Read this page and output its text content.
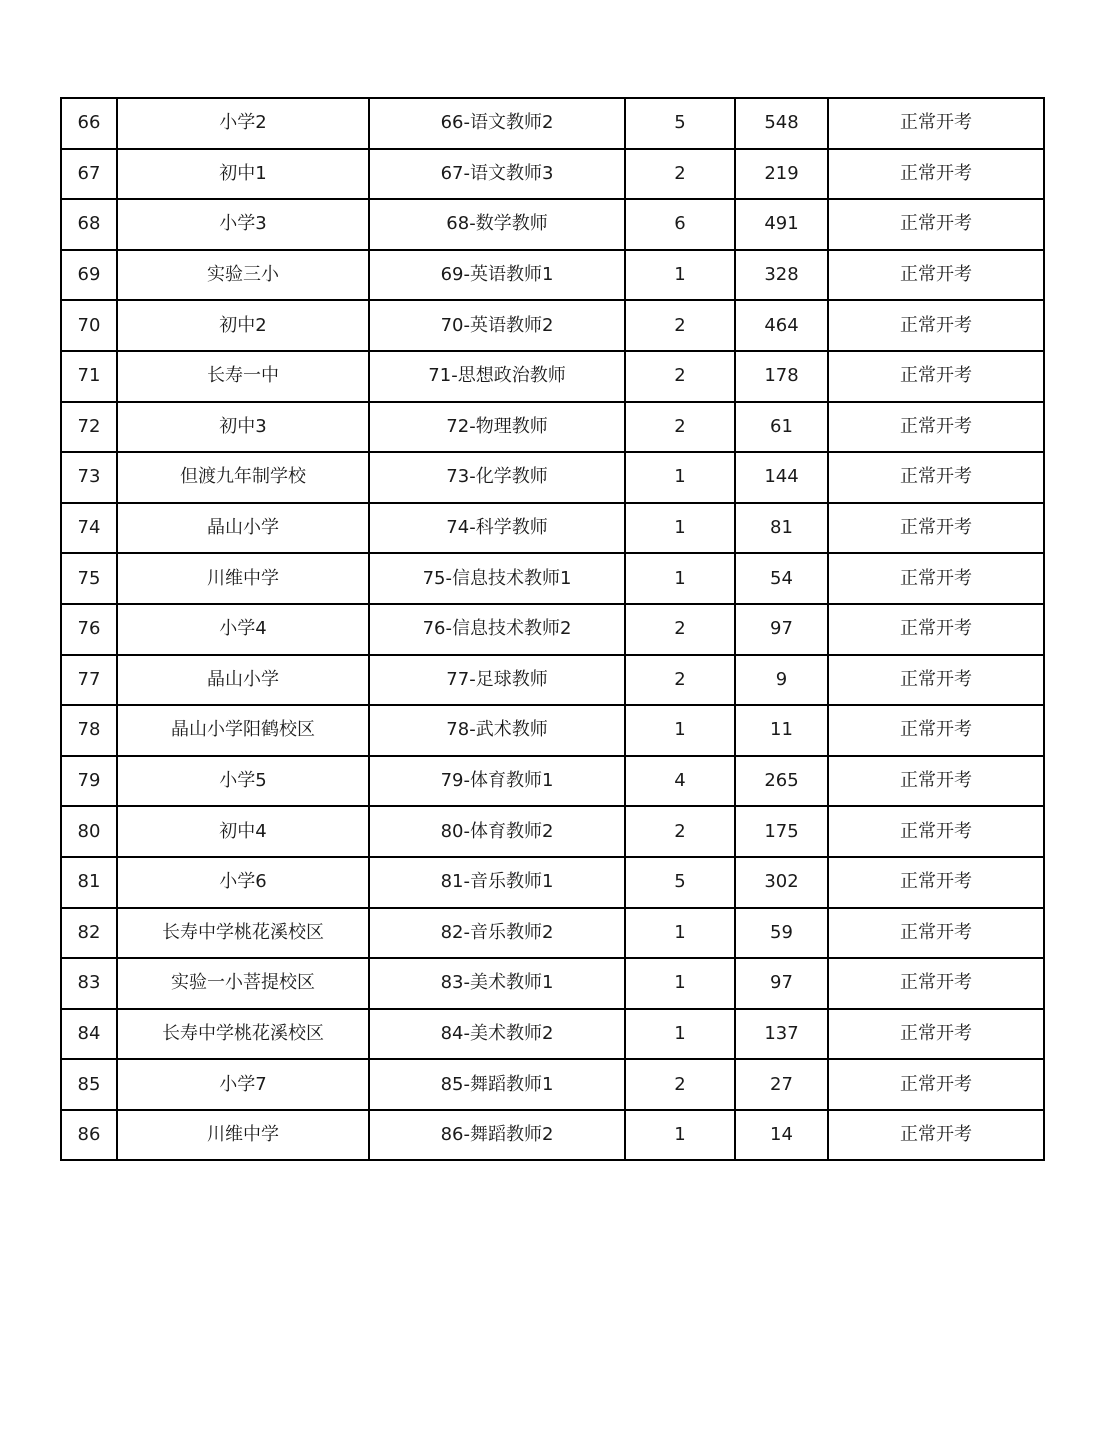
66	小学2	66-语文教师2	5	548	正常开考
67	初中1	67-语文教师3	2	219	正常开考
68	小学3	68-数学教师	6	491	正常开考
69	实验三小	69-英语教师1	1	328	正常开考
70	初中2	70-英语教师2	2	464	正常开考
71	长寿一中	71-思想政治教师	2	178	正常开考
72	初中3	72-物理教师	2	61	正常开考
73	但渡九年制学校	73-化学教师	1	144	正常开考
74	晶山小学	74-科学教师	1	81	正常开考
75	川维中学	75-信息技术教师1	1	54	正常开考
76	小学4	76-信息技术教师2	2	97	正常开考
77	晶山小学	77-足球教师	2	9	正常开考
78	晶山小学阳鹤校区	78-武术教师	1	11	正常开考
79	小学5	79-体育教师1	4	265	正常开考
80	初中4	80-体育教师2	2	175	正常开考
81	小学6	81-音乐教师1	5	302	正常开考
82	长寿中学桃花溪校区	82-音乐教师2	1	59	正常开考
83	实验一小菩提校区	83-美术教师1	1	97	正常开考
84	长寿中学桃花溪校区	84-美术教师2	1	137	正常开考
85	小学7	85-舞蹈教师1	2	27	正常开考
86	川维中学	86-舞蹈教师2	1	14	正常开考
